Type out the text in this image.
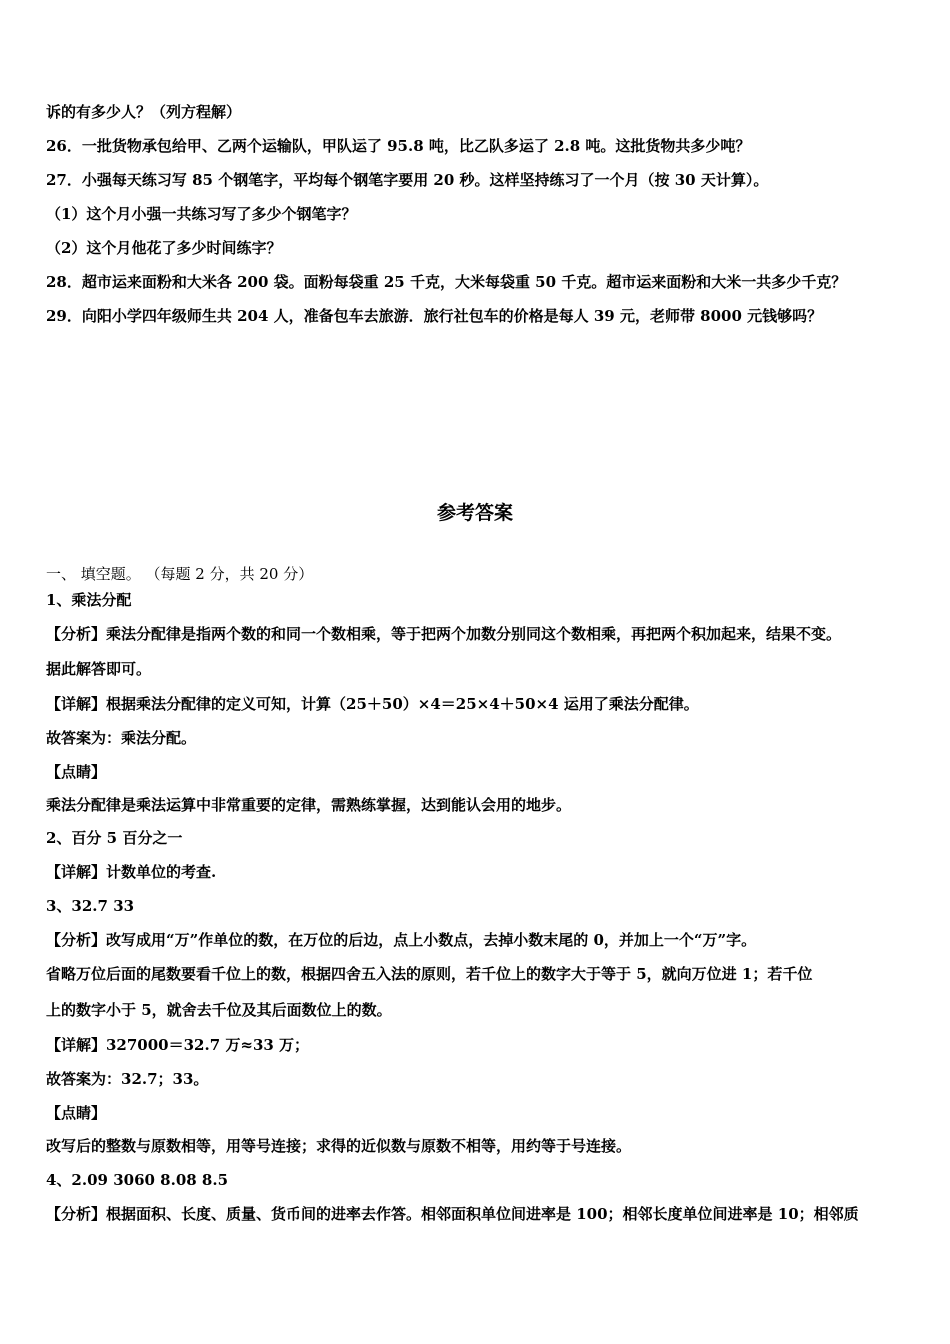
诉的有多少人？（列方程解）
26．一批货物承包给甲、乙两个运输队，甲队运了 95.8 吨，比乙队多运了 2.8 吨。这批货物共多少吨？
27．小强每天练习写 85 个钢笔字，平均每个钢笔字要用 20 秒。这样坚持练习了一个月（按 30 天计算）。
（1）这个月小强一共练习写了多少个钢笔字？
（2）这个月他花了多少时间练字？
28．超市运来面粉和大米各 200 袋。面粉每袋重 25 千克，大米每袋重 50 千克。超市运来面粉和大米一共多少千克？
29．向阳小学四年级师生共 204 人，准备包车去旅游．旅行社包车的价格是每人 39 元，老师带 8000 元钱够吗？
参考答案
一、 填空题。 （每题 2 分，共 20 分）
1、乘法分配
【分析】乘法分配律是指两个数的和同一个数相乘，等于把两个加数分别同这个数相乘，再把两个积加起来，结果不变。
据此解答即可。
【详解】根据乘法分配律的定义可知，计算（25＋50）×4＝25×4＋50×4 运用了乘法分配律。
故答案为：乘法分配。
【点睛】
乘法分配律是乘法运算中非常重要的定律，需熟练掌握，达到能认会用的地步。
2、百分 5 百分之一
【详解】计数单位的考查.
3、32.7 33
【分析】改写成用“万”作单位的数，在万位的后边，点上小数点，去掉小数末尾的 0，并加上一个“万”字。
省略万位后面的尾数要看千位上的数，根据四舍五入法的原则，若千位上的数字大于等于 5，就向万位进 1；若千位
上的数字小于 5，就舍去千位及其后面数位上的数。
【详解】327000＝32.7 万≈33 万；
故答案为：32.7；33。
【点睛】
改写后的整数与原数相等，用等号连接；求得的近似数与原数不相等，用约等于号连接。
4、2.09 3060 8.08 8.5
【分析】根据面积、长度、质量、货币间的进率去作答。相邻面积单位间进率是 100；相邻长度单位间进率是 10；相邻质
